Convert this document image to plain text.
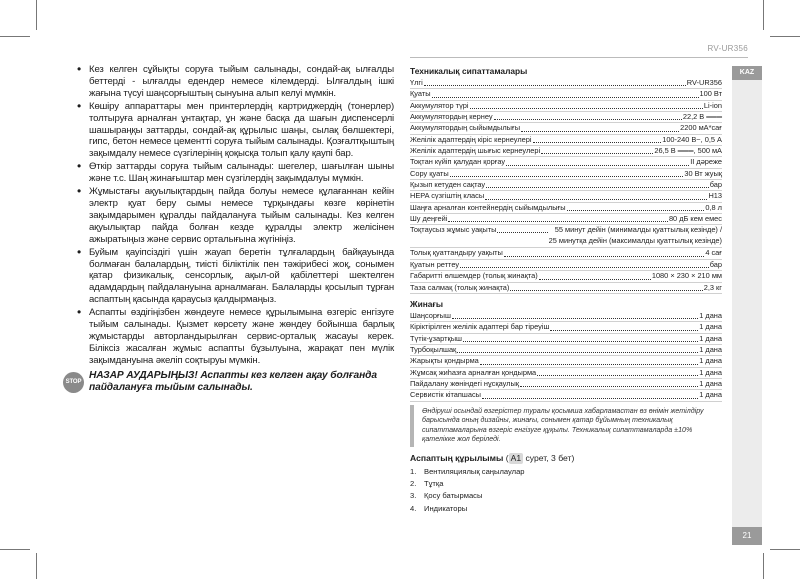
RV-UR356
KAZ
21
• Кез келген сұйықты соруға тыйым салынады, сондай-ақ ылғалды беттерді - ылғалды едендер немесе кілемдерді. Ылғалдың ішкі жағына түсуі шаңсорғыштың сынуына алып келуі мүмкін.
• Көшіру аппараттары мен принтерлердің картриджердің (тонерлер) толтыруға арналған ұнтақтар, ұн және басқа да шағын диспенсерлі шашыраңқы заттарды, сондай-ақ құрылыс шаңы, сылақ бөлшектері, гипс, бетон немесе цементті соруға тыйым салынады. Қозғалтқыштың зақымдалу немесе сүзгілерінің қоқысқа толып қалу қаупі бар.
• Өткір заттарды соруға тыйым салынады: шегелер, шағылған шыны және т.с. Шаң жинағыштар мен сүзгілердің зақымдалуы мүмкін.
• Жұмыстағы ақуылықтардың пайда болуы немесе құлағаннан кейін электр қуат беру сымы немесе тұрқындағы көзге көрінетін зақымдарымен құралды пайдалануға тыйым салынады. Кез келген ақуылықтар пайда болған кезде құралды электр желісінен ажыратыңыз және сервис орталығына жүгініңіз.
• Буйым қауіпсіздігі үшін жауап беретін тұлғалардың байқауында болмаған балалардың, тиісті біліктілік пен тәжірибесі жоқ, сонымен қатар физикалық, сенсорлық, ақыл-ой қабілеттері шектелген адамдардың пайдалануына арналмаған. Балаларды қосылып тұрған аспаптың қасында қараусыз қалдырмаңыз.
• Аспапты өздігіңізбен жөндеуге немесе құрылымына өзгеріс енгізуге тыйым салынады. Қызмет көрсету және жөндеу бойынша барлық жұмыстарды авторландырылған сервис-орталық жасауы керек. Біліксіз жасалған жұмыс аспапты бұзылуына, жарақат пен мүлік зақымдануына әкеліп соқтыруы мүмкін.
STOP
НАЗАР АУДАРЫҢЫЗ! Аспапты кез келген ақау болғанда пайдалануға тыйым салынады.
Техникалық сипаттамалары
Үлгі	RV-UR356
Қуаты	100 Вт
Аккумулятор түрі	Li-ion
Аккумулятордың кернеу	22,2 В ═══
Аккумулятордың сыйымдылығы	2200 мА*сағ
Желілік адаптердің кіріс кернеулері	100-240 В~, 0,5 А
Желілік адаптердің шығыс кернеулері	26,5 В ═══, 500 мА
Тоқтан күйіп қалудан қорғау	II дәреже
Сору қуаты	30 Вт жуық
Қызып кетуден сақтау	бар
HEPA сүзгіштің класы	H13
Шаңға арналған контейнердің сыйымдылығы	0,8 л
Шу деңгейі	80 дБ кем емес
Тоқтаусыз жұмыс уақыты	55 минут дейін (минималды қуаттылық кезінде) /
25 минутқа дейін (максималды қуаттылық кезінде)
Толық қуаттандыру уақыты	4 сағ
Қуатын реттеу	бар
Габаритті өлшемдер (толық жинақта)	1080 × 230 × 210 мм
Таза салмақ (толық жинақта)	2,3 кг
Жинағы
Шаңсорғыш	1 дана
Кіріктірілген желілік адаптері бар тіреуіш	1 дана
Түтік-ұзартқыш	1 дана
Турбоқылшақ	1 дана
Жарықты қондырма	1 дана
Жұмсақ жиһазға арналған қондырма	1 дана
Пайдалану жөніндегі нұсқаулық	1 дана
Сервистік кітапшасы	1 дана
Өндіруші осындай өзгерістер туралы қосымша хабарламастан өз өнімін жетілдіру барысында оның дизайны, жинағы, сонымен қатар бұйымның техникалық сипаттамаларына өзгеріс енгізуге құқылы. Техникалық сипаттамаларда ±10% қателікке жол беріледі.
Аспаптың құрылымы ( А1 сурет, 3 бет)
1. Вентиляциялық саңылаулар
2. Тұтқа
3. Қосу батырмасы
4. Индикаторы
